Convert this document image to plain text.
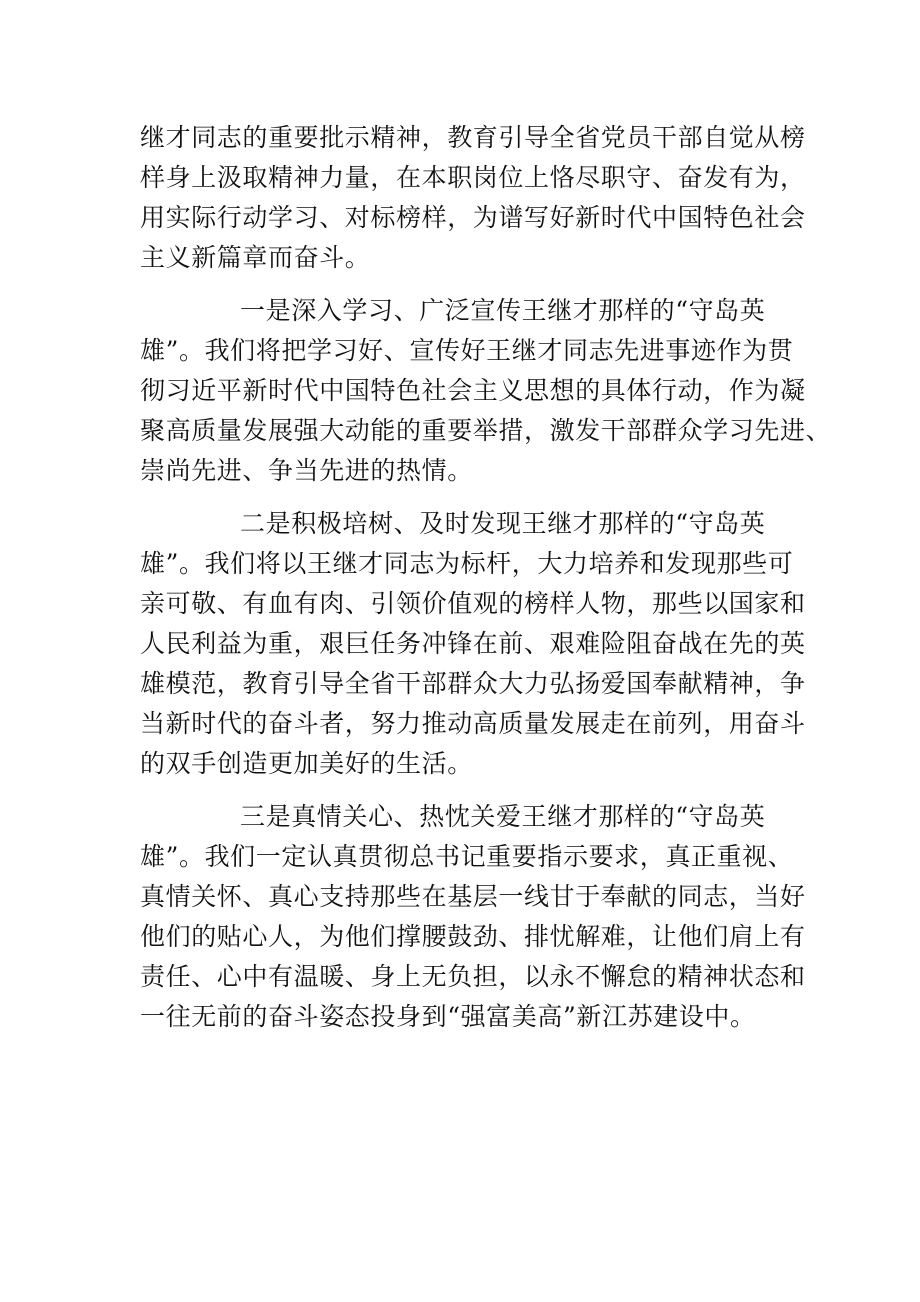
继才同志的重要批示精神，教育引导全省党员干部自觉从榜
样身上汲取精神力量，在本职岗位上恪尽职守、奋发有为，
用实际行动学习、对标榜样，为谱写好新时代中国特色社会
主义新篇章而奋斗。

一是深入学习、广泛宣传王继才那样的“守岛英
雄”。我们将把学习好、宣传好王继才同志先进事迹作为贯
彻习近平新时代中国特色社会主义思想的具体行动，作为凝
聚高质量发展强大动能的重要举措，激发干部群众学习先进、
崇尚先进、争当先进的热情。

二是积极培树、及时发现王继才那样的“守岛英
雄”。我们将以王继才同志为标杆，大力培养和发现那些可
亲可敬、有血有肉、引领价值观的榜样人物，那些以国家和
人民利益为重，艰巨任务冲锋在前、艰难险阻奋战在先的英
雄模范，教育引导全省干部群众大力弘扬爱国奉献精神，争
当新时代的奋斗者，努力推动高质量发展走在前列，用奋斗
的双手创造更加美好的生活。

三是真情关心、热忱关爱王继才那样的“守岛英
雄”。我们一定认真贯彻总书记重要指示要求，真正重视、
真情关怀、真心支持那些在基层一线甘于奉献的同志，当好
他们的贴心人，为他们撑腰鼓劲、排忧解难，让他们肩上有
责任、心中有温暖、身上无负担，以永不懈怠的精神状态和
一往无前的奋斗姿态投身到“强富美高”新江苏建设中。
